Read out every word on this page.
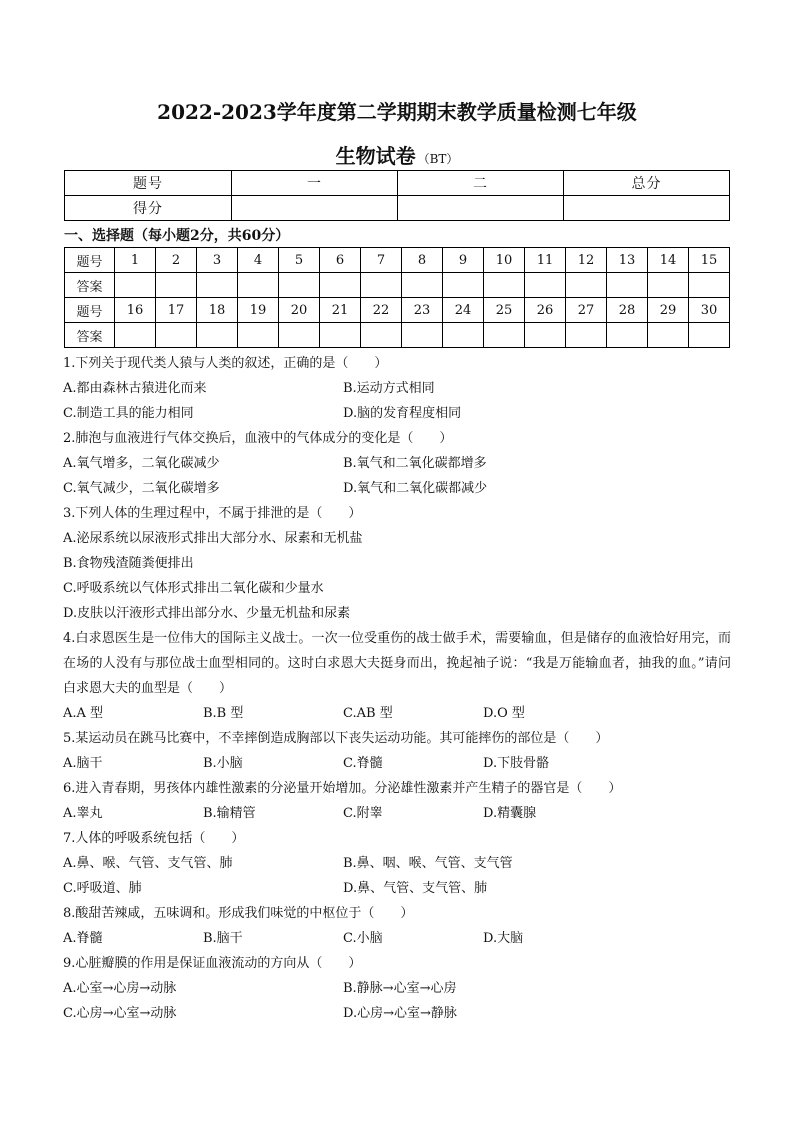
2022-2023学年度第二学期期末教学质量检测七年级
生物试卷 （BT）
题号	一	二	总分
得分			
一、选择题（每小题2分，共60分）
题号	1	2	3	4	5	6	7	8	9	10	11	12	13	14	15
答案															
题号	16	17	18	19	20	21	22	23	24	25	26	27	28	29	30
答案															
1.下列关于现代类人猿与人类的叙述，正确的是（　　）
A.都由森林古猿进化而来	B.运动方式相同
C.制造工具的能力相同	D.脑的发育程度相同
2.肺泡与血液进行气体交换后，血液中的气体成分的变化是（　　）
A.氧气增多，二氧化碳减少	B.氧气和二氧化碳都增多
C.氧气减少，二氧化碳增多	D.氧气和二氧化碳都减少
3.下列人体的生理过程中，不属于排泄的是（　　）
A.泌尿系统以尿液形式排出大部分水、尿素和无机盐
B.食物残渣随粪便排出
C.呼吸系统以气体形式排出二氧化碳和少量水
D.皮肤以汗液形式排出部分水、少量无机盐和尿素
4.白求恩医生是一位伟大的国际主义战士。一次一位受重伤的战士做手术，需要输血，但是储存的血液恰好用完，而在场的人没有与那位战士血型相同的。这时白求恩大夫挺身而出，挽起袖子说：“我是万能输血者，抽我的血。”请问白求恩大夫的血型是（　　）
A.A 型	B.B 型	C.AB 型	D.O 型
5.某运动员在跳马比赛中，不幸摔倒造成胸部以下丧失运动功能。其可能摔伤的部位是（　　）
A.脑干	B.小脑	C.脊髓	D.下肢骨骼
6.进入青春期，男孩体内雄性激素的分泌量开始增加。分泌雄性激素并产生精子的器官是（　　）
A.睾丸	B.输精管	C.附睾	D.精囊腺
7.人体的呼吸系统包括（　　）
A.鼻、喉、气管、支气管、肺	B.鼻、咽、喉、气管、支气管
C.呼吸道、肺	D.鼻、气管、支气管、肺
8.酸甜苦辣咸，五味调和。形成我们味觉的中枢位于（　　）
A.脊髓	B.脑干	C.小脑	D.大脑
9.心脏瓣膜的作用是保证血液流动的方向从（　　）
A.心室→心房→动脉	B.静脉→心室→心房
C.心房→心室→动脉	D.心房→心室→静脉
